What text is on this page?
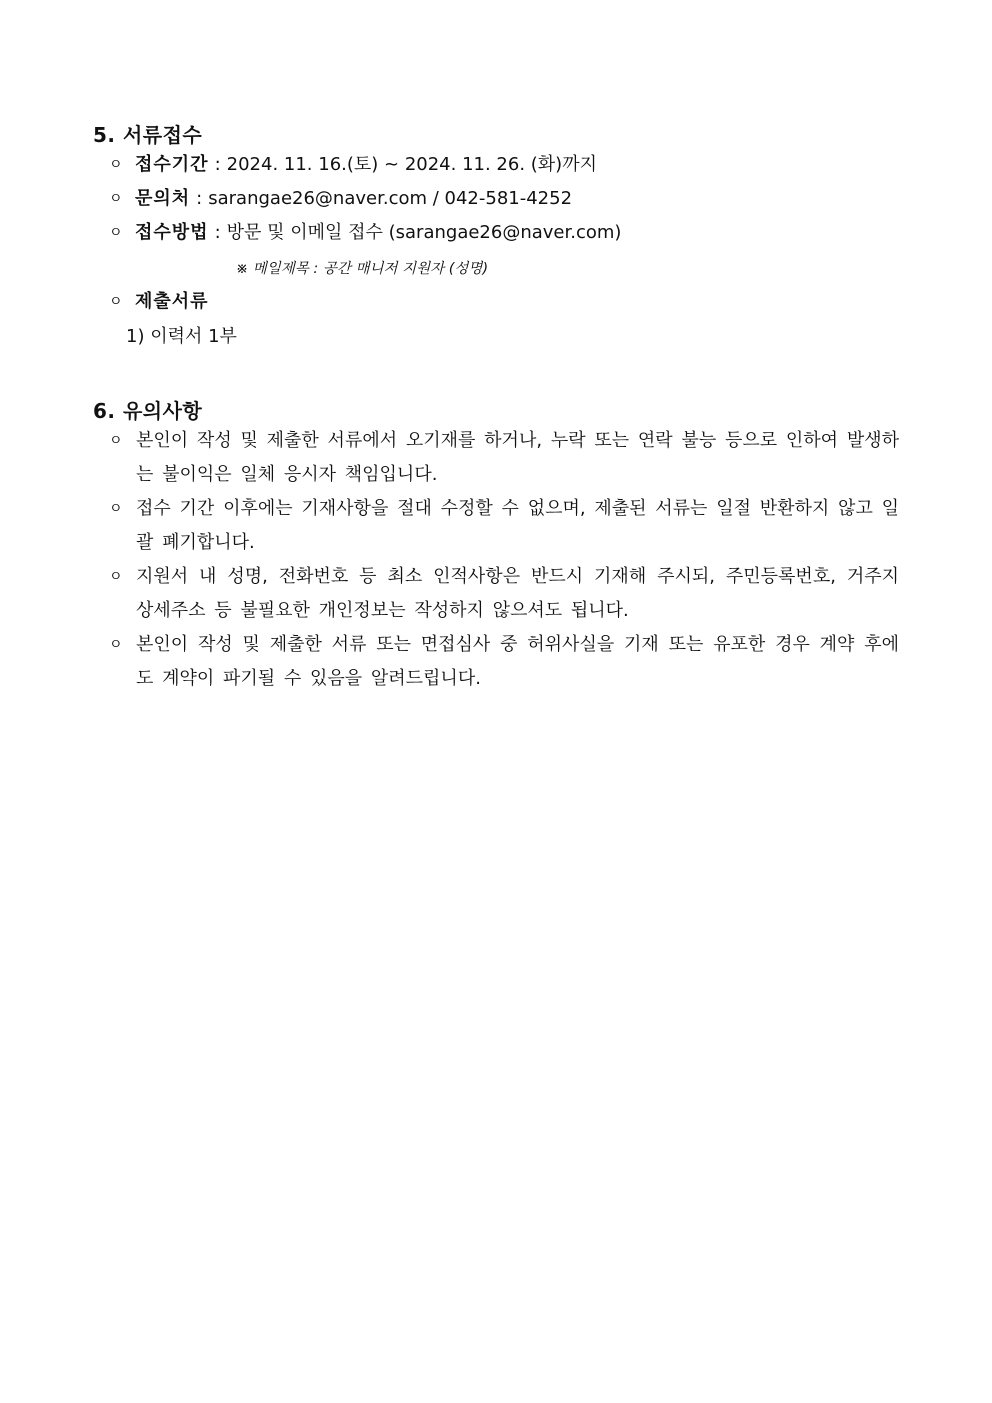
5. 서류접수
ㅇ 접수기간 : 2024. 11. 16.(토) ~ 2024. 11. 26. (화)까지
ㅇ 문의처 : sarangae26@naver.com / 042-581-4252
ㅇ 접수방법 : 방문 및 이메일 접수 (sarangae26@naver.com)
※ 메일제목 : 공간 매니저 지원자 (성명)
ㅇ 제출서류
1) 이력서 1부
6. 유의사항
ㅇ 본인이 작성 및 제출한 서류에서 오기재를 하거나, 누락 또는 연락 불능 등으로 인하여 발생하는 불이익은 일체 응시자 책임입니다.
ㅇ 접수 기간 이후에는 기재사항을 절대 수정할 수 없으며, 제출된 서류는 일절 반환하지 않고 일괄 폐기합니다.
ㅇ 지원서 내 성명, 전화번호 등 최소 인적사항은 반드시 기재해 주시되, 주민등록번호, 거주지 상세주소 등 불필요한 개인정보는 작성하지 않으셔도 됩니다.
ㅇ 본인이 작성 및 제출한 서류 또는 면접심사 중 허위사실을 기재 또는 유포한 경우 계약 후에도 계약이 파기될 수 있음을 알려드립니다.
